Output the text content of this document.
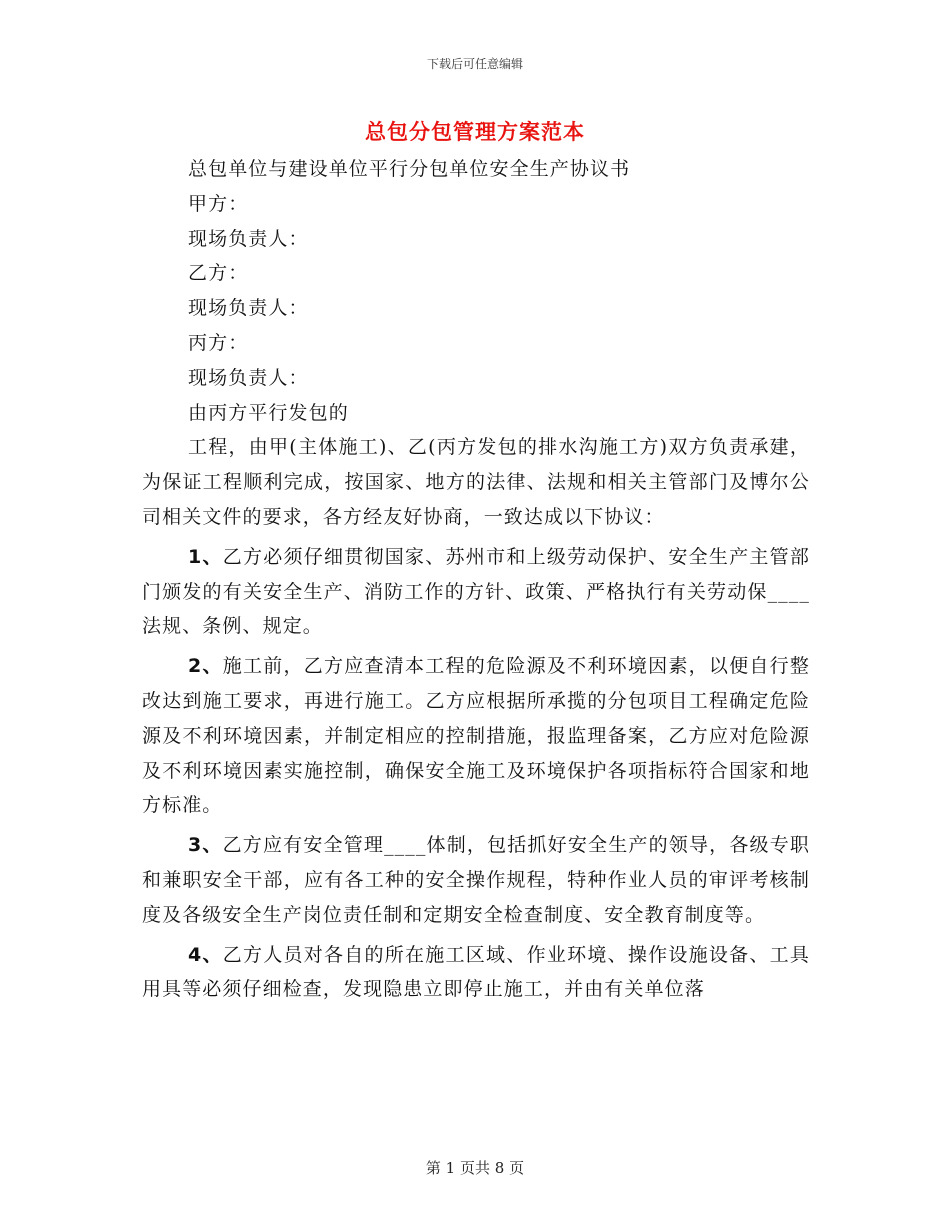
下载后可任意编辑
总包分包管理方案范本
总包单位与建设单位平行分包单位安全生产协议书
甲方：
现场负责人：
乙方：
现场负责人：
丙方：
现场负责人：
由丙方平行发包的
工程，由甲(主体施工)、乙(丙方发包的排水沟施工方)双方负责承建，为保证工程顺利完成，按国家、地方的法律、法规和相关主管部门及博尔公司相关文件的要求，各方经友好协商，一致达成以下协议：
1、乙方必须仔细贯彻国家、苏州市和上级劳动保护、安全生产主管部门颁发的有关安全生产、消防工作的方针、政策、严格执行有关劳动保____法规、条例、规定。
2、施工前，乙方应查清本工程的危险源及不利环境因素，以便自行整改达到施工要求，再进行施工。乙方应根据所承揽的分包项目工程确定危险源及不利环境因素，并制定相应的控制措施，报监理备案，乙方应对危险源及不利环境因素实施控制，确保安全施工及环境保护各项指标符合国家和地方标准。
3、乙方应有安全管理____体制，包括抓好安全生产的领导，各级专职和兼职安全干部，应有各工种的安全操作规程，特种作业人员的审评考核制度及各级安全生产岗位责任制和定期安全检查制度、安全教育制度等。
4、乙方人员对各自的所在施工区域、作业环境、操作设施设备、工具用具等必须仔细检查，发现隐患立即停止施工，并由有关单位落
第 1 页共 8 页
